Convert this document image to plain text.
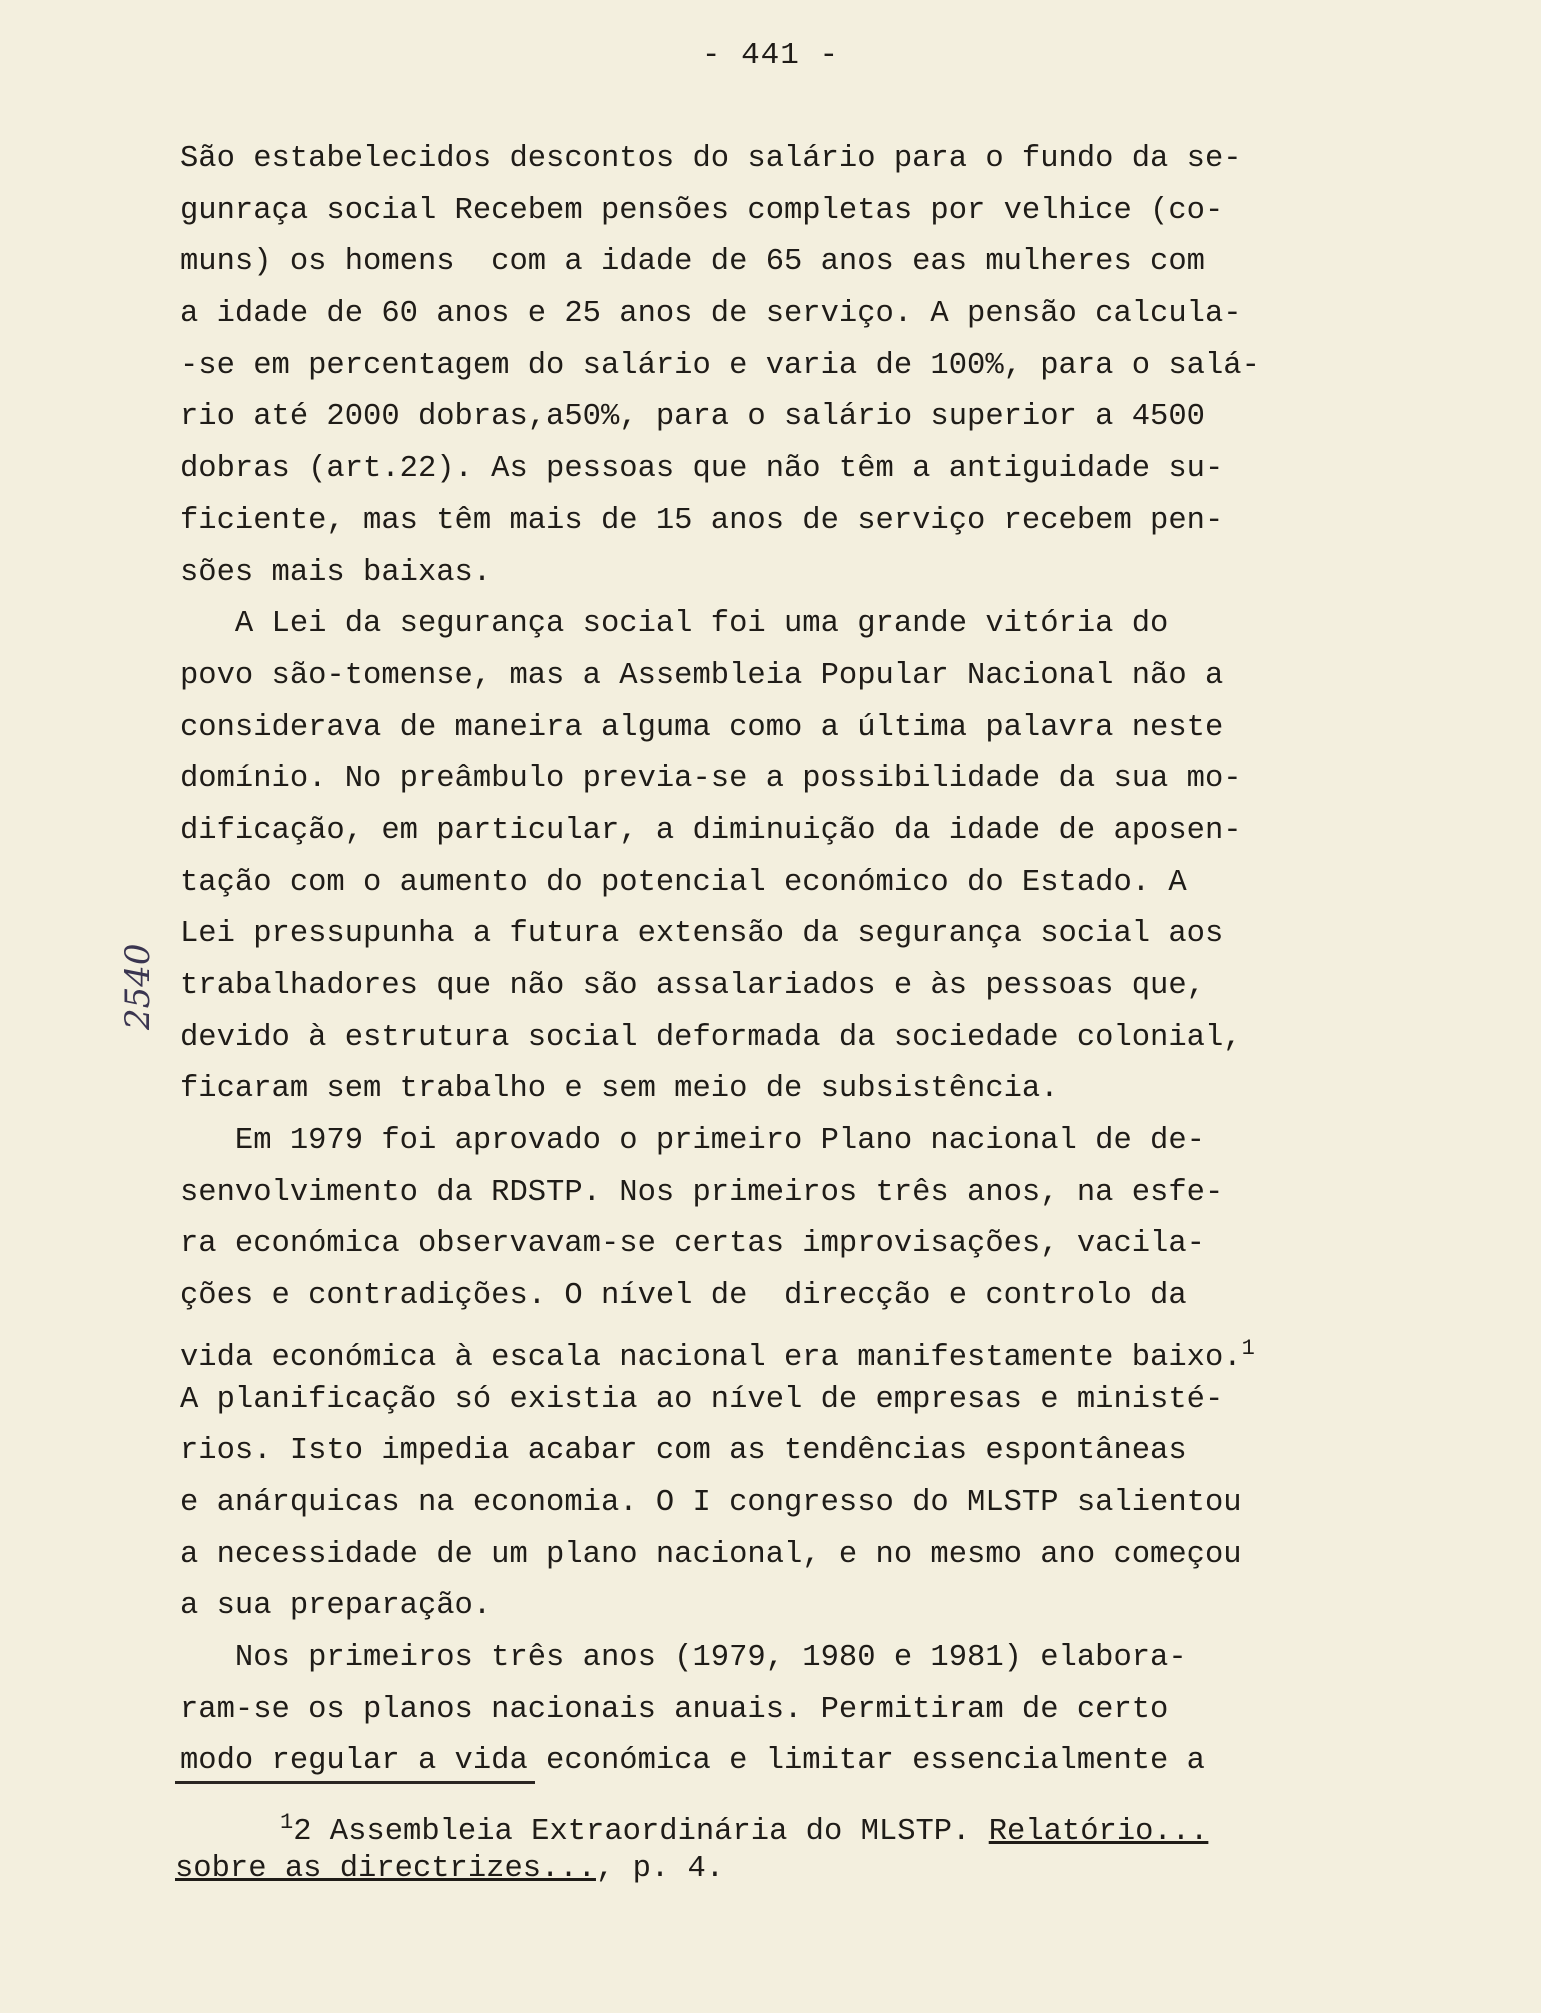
- 441 -
2540
São estabelecidos descontos do salário para o fundo da se-
gunraça social Recebem pensões completas por velhice (co-
muns) os homens  com a idade de 65 anos eas mulheres com
a idade de 60 anos e 25 anos de serviço. A pensão calcula-
-se em percentagem do salário e varia de 100%, para o salá-
rio até 2000 dobras,a50%, para o salário superior a 4500
dobras (art.22). As pessoas que não têm a antiguidade su-
ficiente, mas têm mais de 15 anos de serviço recebem pen-
sões mais baixas.
A Lei da segurança social foi uma grande vitória do
povo são-tomense, mas a Assembleia Popular Nacional não a
considerava de maneira alguma como a última palavra neste
domínio. No preâmbulo previa-se a possibilidade da sua mo-
dificação, em particular, a diminuição da idade de aposen-
tação com o aumento do potencial económico do Estado. A
Lei pressupunha a futura extensão da segurança social aos
trabalhadores que não são assalariados e às pessoas que,
devido à estrutura social deformada da sociedade colonial,
ficaram sem trabalho e sem meio de subsistência.
Em 1979 foi aprovado o primeiro Plano nacional de de-
senvolvimento da RDSTP. Nos primeiros três anos, na esfe-
ra económica observavam-se certas improvisações, vacila-
ções e contradições. O nível de  direcção e controlo da
vida económica à escala nacional era manifestamente baixo.$^1$
A planificação só existia ao nível de empresas e ministé-
rios. Isto impedia acabar com as tendências espontâneas
e anárquicas na economia. O I congresso do MLSTP salientou
a necessidade de um plano nacional, e no mesmo ano começou
a sua preparação.
Nos primeiros três anos (1979, 1980 e 1981) elabora-
ram-se os planos nacionais anuais. Permitiram de certo
modo regular a vida económica e limitar essencialmente a
$^1$2 Assembleia Extraordinária do MLSTP. Relatório...
sobre as directrizes..., p. 4.
